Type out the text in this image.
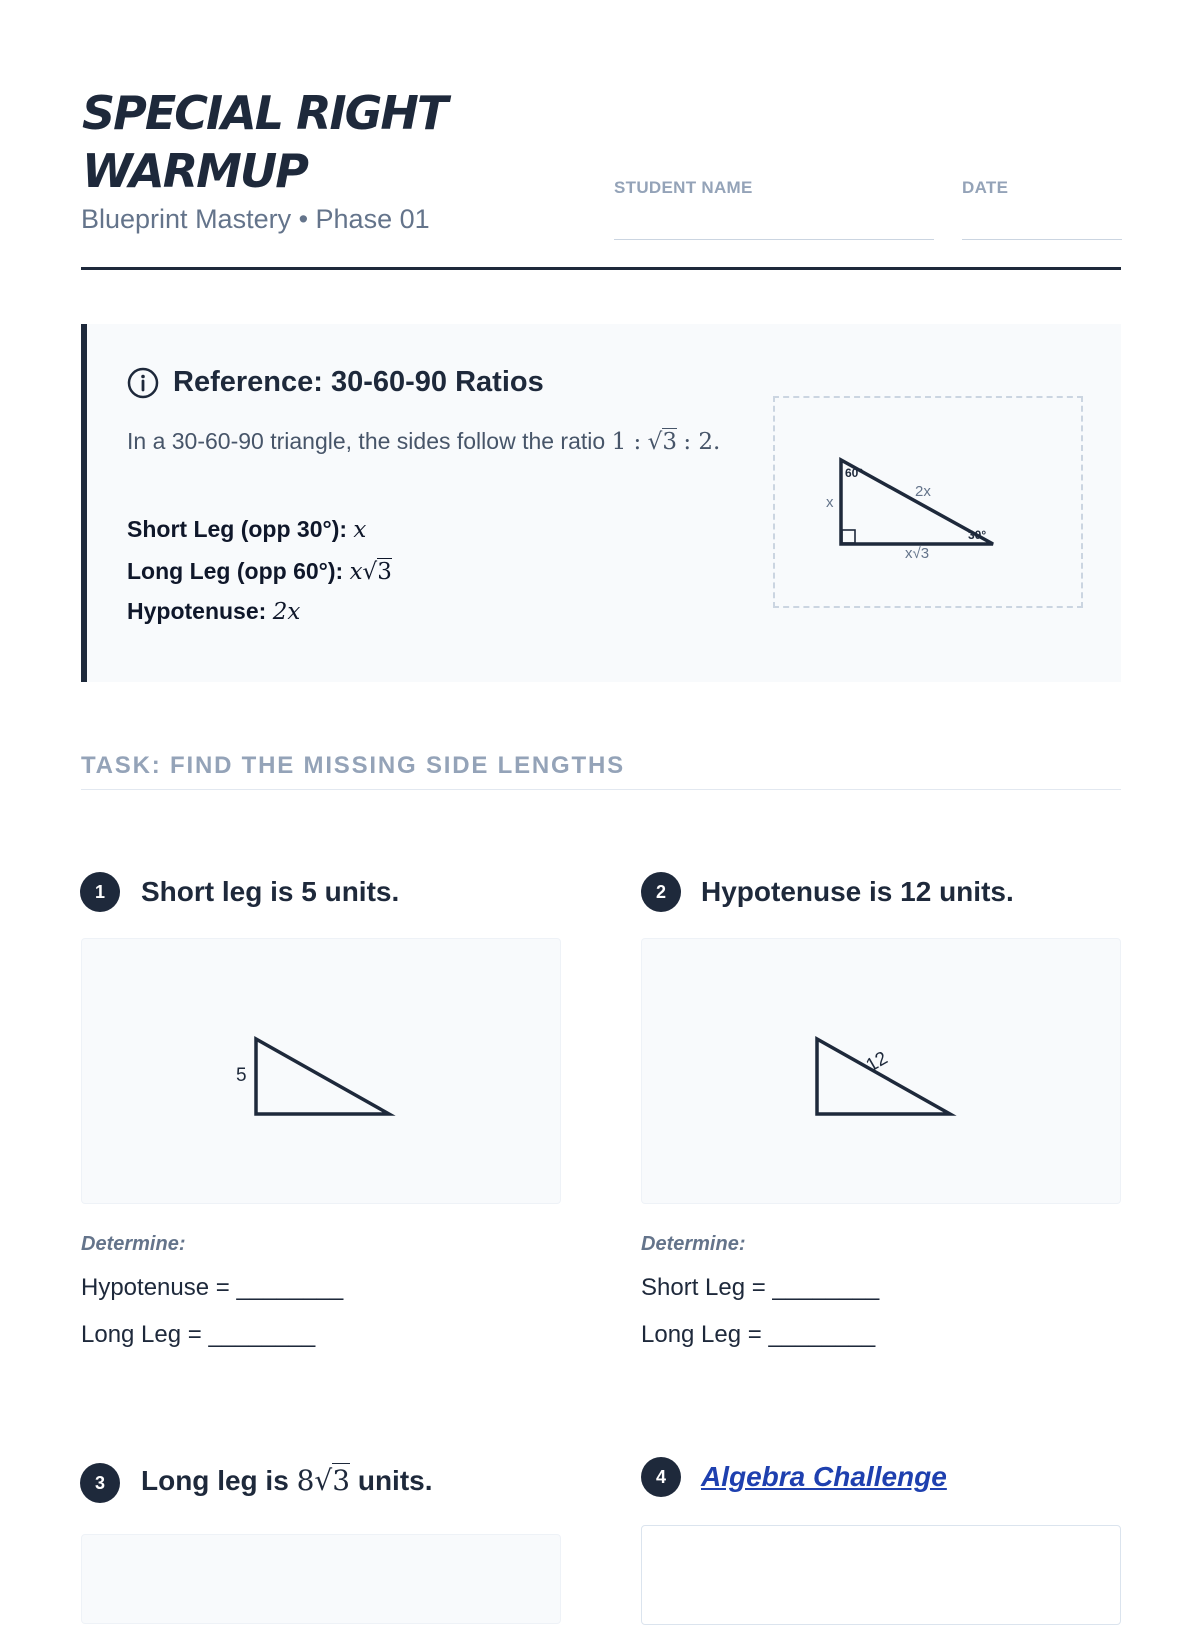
SPECIAL RIGHT WARMUP
Blueprint Mastery • Phase 01
STUDENT NAME	DATE
Reference: 30-60-90 Ratios
In a 30-60-90 triangle, the sides follow the ratio 1 : √3 : 2.
Short Leg (opp 30°): x
Long Leg (opp 60°): x√3
Hypotenuse: 2x
x
2x
x√3
60°
30°
TASK: FIND THE MISSING SIDE LENGTHS
1	Short leg is 5 units.
5
Determine:
Hypotenuse = ________
Long Leg = ________
2	Hypotenuse is 12 units.
12
Determine:
Short Leg = ________
Long Leg = ________
3	Long leg is 8√3 units.	4	Algebra Challenge
